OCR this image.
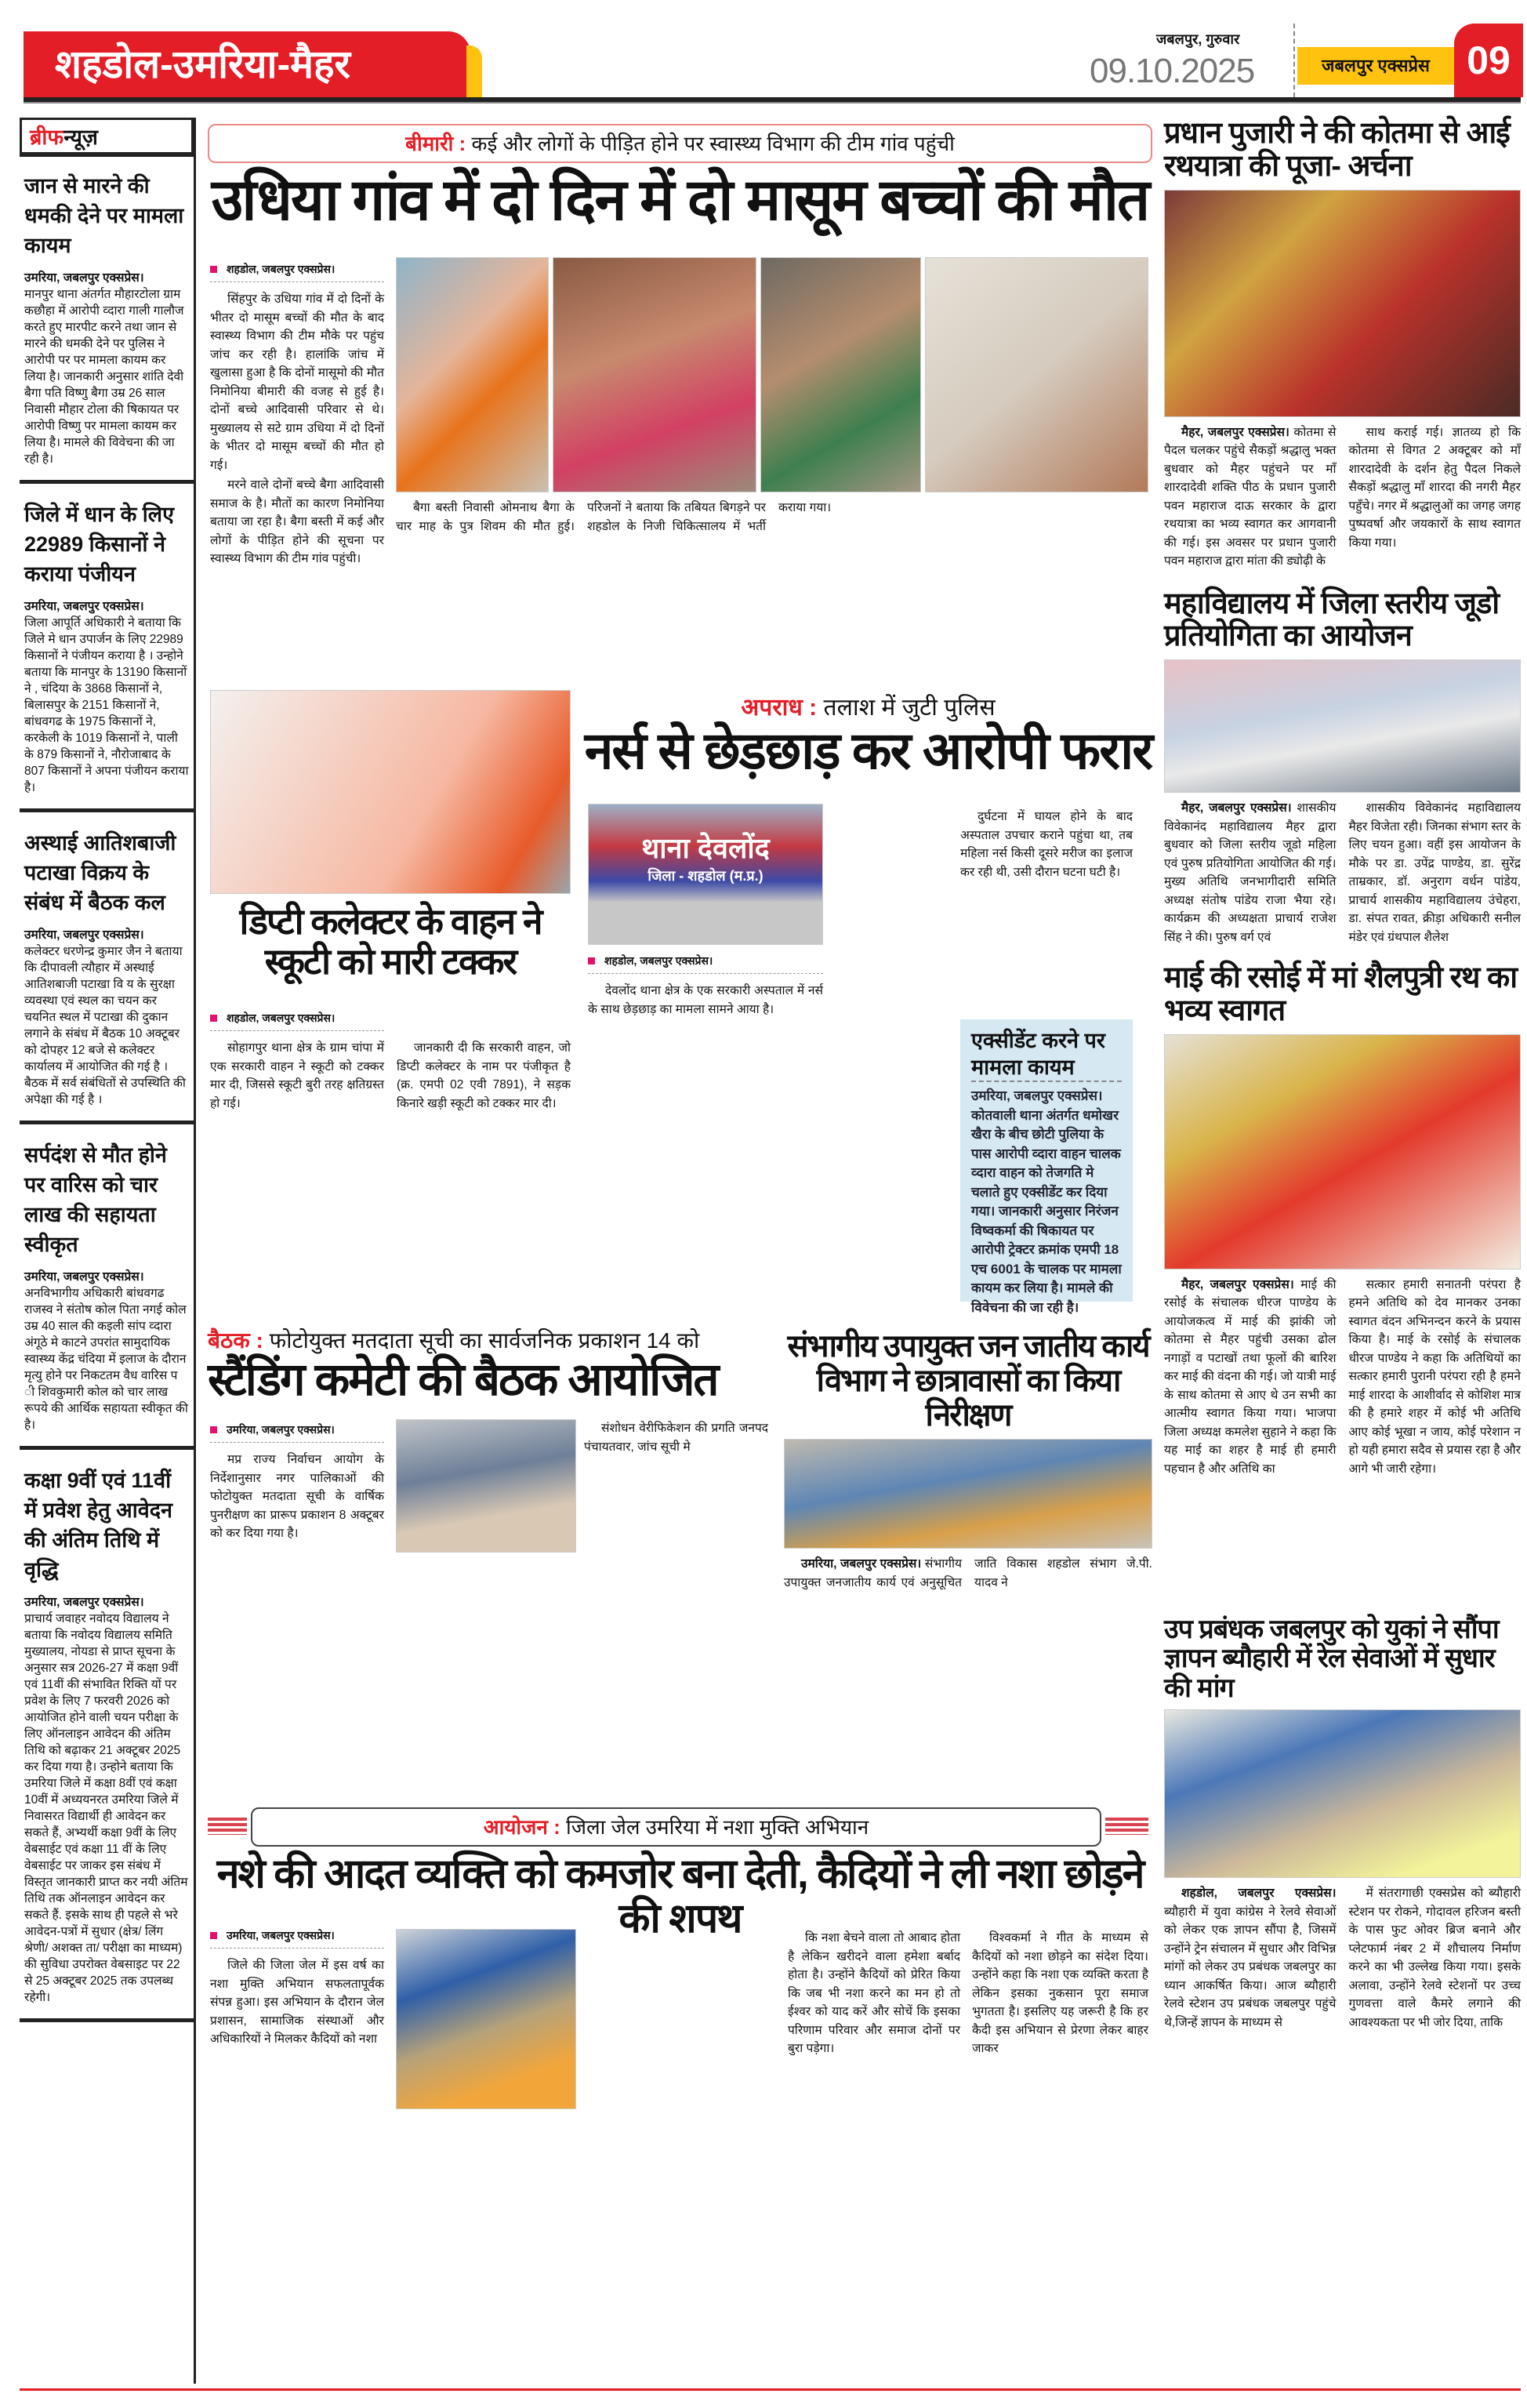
शहडोल-उमरिया-मैहर
जबलपुर, गुरुवार
09.10.2025	जबलपुर एक्सप्रेस 09
ब्रीफन्यूज़
जान से मारने की धमकी देने पर मामला कायम

उमरिया, जबलपुर एक्सप्रेस।
मानपुर थाना अंतर्गत मौहारटोला ग्राम कछौहा में आरोपी व्दारा गाली गालौज करते हुए मारपीट करने तथा जान से मारने की धमकी देने पर पुलिस ने आरोपी पर पर मामला कायम कर लिया है। जानकारी अनुसार शांति देवी बैगा पति विष्णु बैगा उम्र 26 साल निवासी मौहार टोला की षिकायत पर आरोपी विष्णु पर मामला कायम कर लिया है। मामले की विवेचना की जा रही है।

जिले में धान के लिए 22989 किसानों ने कराया पंजीयन

उमरिया, जबलपुर एक्सप्रेस।
जिला आपूर्ति अधिकारी ने बताया कि जिले मे धान उपार्जन के लिए 22989 किसानों ने पंजीयन कराया है । उन्होने बताया कि मानपुर के 13190 किसानों ने , चंदिया के 3868 किसानों ने, बिलासपुर के 2151 किसानों ने, बांधवगढ के 1975 किसानों ने, करकेली के 1019 किसानों ने, पाली के 879 किसानों ने, नौरोजाबाद के 807 किसानों ने अपना पंजीयन कराया है।

अस्थाई आतिशबाजी पटाखा विक्रय के संबंध में बैठक कल

उमरिया, जबलपुर एक्सप्रेस।
कलेक्टर धरणेन्द्र कुमार जैन ने बताया कि दीपावली त्यौहार में अस्थाई आतिशबाजी पटाखा वि य के सुरक्षा व्यवस्था एवं स्थल का चयन कर चयनित स्थल में पटाखा की दुकान लगाने के संबंध में बैठक 10 अक्टूबर को दोपहर 12 बजे से कलेक्टर कार्यालय में आयोजित की गई है । बैठक में सर्व संबंधितों से उपस्थिति की अपेक्षा की गई है ।

सर्पदंश से मौत होने पर वारिस को चार लाख की सहायता स्वीकृत

उमरिया, जबलपुर एक्सप्रेस।
अनविभागीय अधिकारी बांधवगढ राजस्व ने संतोष कोल पिता नगई कोल उम्र 40 साल की कइली सांप व्दारा अंगूठे मे काटने उपरांत सामुदायिक स्वास्थ्य केंद्र चंदिया में इलाज के दौरान मृत्यु होने पर निकटतम वैध वारिस प ी शिवकुमारी कोल को चार लाख रूपये की आर्थिक सहायता स्वीकृत की है।

कक्षा 9वीं एवं 11वीं में प्रवेश हेतु आवेदन की अंतिम तिथि में वृद्धि

उमरिया, जबलपुर एक्सप्रेस।
प्राचार्य जवाहर नवोदय विद्यालय ने बताया कि नवोदय विद्यालय समिति मुख्यालय, नोयडा से प्राप्त सूचना के अनुसार सत्र 2026-27 में कक्षा 9वीं एवं 11वीं की संभावित रिक्ति यों पर प्रवेश के लिए 7 फरवरी 2026 को आयोजित होने वाली चयन परीक्षा के लिए ऑनलाइन आवेदन की अंतिम तिथि को बढ़ाकर 21 अक्टूबर 2025 कर दिया गया है। उन्होने बताया कि उमरिया जिले में कक्षा 8वीं एवं कक्षा 10वीं में अध्ययनरत उमरिया जिले में निवासरत विद्यार्थी ही आवेदन कर सकते हैं, अभ्यर्थी कक्षा 9वीं के लिए वेबसाईट एवं कक्षा 11 वीं के लिए वेबसाईट पर जाकर इस संबंध में विस्तृत जानकारी प्राप्त कर नयी अंतिम तिथि तक ऑनलाइन आवेदन कर सकते हैं. इसके साथ ही पहले से भरे आवेदन-पत्रों में सुधार (क्षेत्र/ लिंग श्रेणी/ अशक्त ता/ परीक्षा का माध्यम) की सुविधा उपरोक्त वेबसाइट पर 22 से 25 अक्टूबर 2025 तक उपलब्ध रहेगी।

बीमारी : कई और लोगों के पीड़ित होने पर स्वास्थ्य विभाग की टीम गांव पहुंची
उधिया गांव में दो दिन में दो मासूम बच्चों की मौत
शहडोल, जबलपुर एक्सप्रेस।

सिंहपुर के उधिया गांव में दो दिनों के भीतर दो मासूम बच्चों की मौत के बाद स्वास्थ्य विभाग की टीम मौके पर पहुंच जांच कर रही है। हालांकि जांच में खुलासा हुआ है कि दोनों मासूमो की मौत निमोनिया बीमारी की वजह से हुई है। दोनों बच्चे आदिवासी परिवार से थे। मुख्यालय से सटे ग्राम उधिया में दो दिनों के भीतर दो मासूम बच्चों की मौत हो गई।

मरने वाले दोनों बच्चे बैगा आदिवासी समाज के है। मौतों का कारण निमोनिया बताया जा रहा है। बैगा बस्ती में कई और लोगों के पीड़ित होने की सूचना पर स्वास्थ्य विभाग की टीम गांव पहुंची।

बैगा बस्ती निवासी ओमनाथ बैगा के चार माह के पुत्र शिवम की मौत हुई। परिजनों ने बताया कि तबियत बिगड़ने पर शहडोल के निजी चिकित्सालय में भर्ती कराया गया।

डिप्टी कलेक्टर के वाहन ने स्कूटी को मारी टक्कर
शहडोल, जबलपुर एक्सप्रेस।

सोहागपुर थाना क्षेत्र के ग्राम चांपा में एक सरकारी वाहन ने स्कूटी को टक्कर मार दी, जिससे स्कूटी बुरी तरह क्षतिग्रस्त हो गई।

जानकारी दी कि सरकारी वाहन, जो डिप्टी कलेक्टर के नाम पर पंजीकृत है (क्र. एमपी 02 एवी 7891), ने सड़क किनारे खड़ी स्कूटी को टक्कर मार दी।

अपराध : तलाश में जुटी पुलिस
नर्स से छेड़छाड़ कर आरोपी फरार
थाना देवलोंद
जिला - शहडोल (म.प्र.)
शहडोल, जबलपुर एक्सप्रेस।

देवलोंद थाना क्षेत्र के एक सरकारी अस्पताल में नर्स के साथ छेड़छाड़ का मामला सामने आया है।

दुर्घटना में घायल होने के बाद अस्पताल उपचार कराने पहुंचा था, तब महिला नर्स किसी दूसरे मरीज का इलाज कर रही थी, उसी दौरान घटना घटी है।

एक्सीडेंट करने पर मामला कायम

उमरिया, जबलपुर एक्सप्रेस। कोतवाली थाना अंतर्गत धमोखर खैरा के बीच छोटी पुलिया के पास आरोपी व्दारा वाहन चालक व्दारा वाहन को तेजगति मे चलाते हुए एक्सीडेंट कर दिया गया। जानकारी अनुसार निरंजन विष्वकर्मा की षिकायत पर आरोपी ट्रेक्टर क्रमांक एमपी 18 एच 6001 के चालक पर मामला कायम कर लिया है। मामले की विवेचना की जा रही है।

बैठक : फोटोयुक्त मतदाता सूची का सार्वजनिक प्रकाशन 14 को
स्टैंडिंग कमेटी की बैठक आयोजित
उमरिया, जबलपुर एक्सप्रेस।

मप्र राज्य निर्वाचन आयोग के निर्देशानुसार नगर पालिकाओं की फोटोयुक्त मतदाता सूची के वार्षिक पुनरीक्षण का प्रारूप प्रकाशन 8 अक्टूबर को कर दिया गया है।

संशोधन वेरीफिकेशन की प्रगति जनपद पंचायतवार, जांच सूची मे

संभागीय उपायुक्त जन जातीय कार्य विभाग ने छात्रावासों का किया निरीक्षण

उमरिया, जबलपुर एक्सप्रेस। संभागीय उपायुक्त जनजातीय कार्य एवं अनुसूचित जाति विकास शहडोल संभाग जे.पी. यादव ने

आयोजन : जिला जेल उमरिया में नशा मुक्ति अभियान
नशे की आदत व्यक्ति को कमजोर बना देती, कैदियों ने ली नशा छोड़ने की शपथ
उमरिया, जबलपुर एक्सप्रेस।

जिले की जिला जेल में इस वर्ष का नशा मुक्ति अभियान सफलतापूर्वक संपन्न हुआ। इस अभियान के दौरान जेल प्रशासन, सामाजिक संस्थाओं और अधिकारियों ने मिलकर कैदियों को नशा

कि नशा बेचने वाला तो आबाद होता है लेकिन खरीदने वाला हमेशा बर्बाद होता है। उन्होंने कैदियों को प्रेरित किया कि जब भी नशा करने का मन हो तो ईश्वर को याद करें और सोचें कि इसका परिणाम परिवार और समाज दोनों पर बुरा पड़ेगा।

विश्वकर्मा ने गीत के माध्यम से कैदियों को नशा छोड़ने का संदेश दिया। उन्होंने कहा कि नशा एक व्यक्ति करता है लेकिन इसका नुकसान पूरा समाज भुगतता है। इसलिए यह जरूरी है कि हर कैदी इस अभियान से प्रेरणा लेकर बाहर जाकर

प्रधान पुजारी ने की कोतमा से आई रथयात्रा की पूजा- अर्चना

मैहर, जबलपुर एक्सप्रेस। कोतमा से पैदल चलकर पहुंचे सैकड़ों श्रद्धालु भक्त बुधवार को मैहर पहुंचने पर माँ शारदादेवी शक्ति पीठ के प्रधान पुजारी पवन महाराज दाऊ सरकार के द्वारा रथयात्रा का भव्य स्वागत कर आगवानी की गई। इस अवसर पर प्रधान पुजारी पवन महाराज द्वारा मांता की ड्योढ़ी के

साथ कराई गई। ज्ञातव्य हो कि कोतमा से विगत 2 अक्टूबर को माँ शारदादेवी के दर्शन हेतु पैदल निकले सैकड़ों श्रद्धालु माँ शारदा की नगरी मैहर पहुँचे। नगर में श्रद्धालुओं का जगह जगह पुष्पवर्षा और जयकारों के साथ स्वागत किया गया।

महाविद्यालय में जिला स्तरीय जूडो प्रतियोगिता का आयोजन

मैहर, जबलपुर एक्सप्रेस। शासकीय विवेकानंद महाविद्यालय मैहर द्वारा बुधवार को जिला स्तरीय जूडो महिला एवं पुरुष प्रतियोगिता आयोजित की गई। मुख्य अतिथि जनभागीदारी समिति अध्यक्ष संतोष पांडेय राजा भैया रहे। कार्यक्रम की अध्यक्षता प्राचार्य राजेश सिंह ने की। पुरुष वर्ग एवं

शासकीय विवेकानंद महाविद्यालय मैहर विजेता रही। जिनका संभाग स्तर के लिए चयन हुआ। वहीं इस आयोजन के मौके पर डा. उपेंद्र पाण्डेय, डा. सुरेंद्र ताम्रकार, डॉ. अनुराग वर्धन पांडेय, प्राचार्य शासकीय महाविद्यालय उंचेहरा, डा. संपत रावत, क्रीड़ा अधिकारी सनील मंडेर एवं ग्रंथपाल शैलेश

माई की रसोई में मां शैलपुत्री रथ का भव्य स्वागत

मैहर, जबलपुर एक्सप्रेस। माई की रसोई के संचालक धीरज पाण्डेय के आयोजकत्व में माई की झांकी जो कोतमा से मैहर पहुंची उसका ढोल नगाड़ों व पटाखों तथा फूलों की बारिश कर माई की वंदना की गई। जो यात्री माई के साथ कोतमा से आए थे उन सभी का आत्मीय स्वागत किया गया। भाजपा जिला अध्यक्ष कमलेश सुहाने ने कहा कि यह माई का शहर है माई ही हमारी पहचान है और अतिथि का

सत्कार हमारी सनातनी परंपरा है हमने अतिथि को देव मानकर उनका स्वागत वंदन अभिनन्दन करने के प्रयास किया है। माई के रसोई के संचालक धीरज पाण्डेय ने कहा कि अतिथियों का सत्कार हमारी पुरानी परंपरा रही है हमने माई शारदा के आशीर्वाद से कोशिश मात्र की है हमारे शहर में कोई भी अतिथि आए कोई भूखा न जाय, कोई परेशान न हो यही हमारा सदैव से प्रयास रहा है और आगे भी जारी रहेगा।

उप प्रबंधक जबलपुर को युकां ने सौंपा ज्ञापन ब्यौहारी में रेल सेवाओं में सुधार की मांग

शहडोल, जबलपुर एक्सप्रेस। ब्यौहारी में युवा कांग्रेस ने रेलवे सेवाओं को लेकर एक ज्ञापन सौंपा है, जिसमें उन्होंने ट्रेन संचालन में सुधार और विभिन्न मांगों को लेकर उप प्रबंधक जबलपुर का ध्यान आकर्षित किया। आज ब्यौहारी रेलवे स्टेशन उप प्रबंधक जबलपुर पहुंचे थे,जिन्हें ज्ञापन के माध्यम से

में संतरागाछी एक्सप्रेस को ब्यौहारी स्टेशन पर रोकने, गोदावल हरिजन बस्ती के पास फुट ओवर ब्रिज बनाने और प्लेटफार्म नंबर 2 में शौचालय निर्माण करने का भी उल्लेख किया गया। इसके अलावा, उन्होंने रेलवे स्टेशनों पर उच्च गुणवत्ता वाले कैमरे लगाने की आवश्यकता पर भी जोर दिया, ताकि
